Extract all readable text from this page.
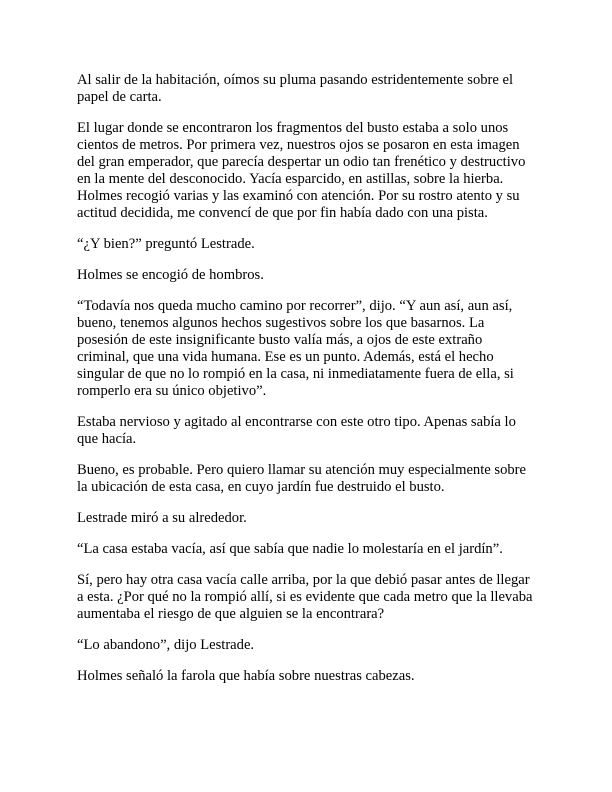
Al salir de la habitación, oímos su pluma pasando estridentemente sobre el papel de carta.

El lugar donde se encontraron los fragmentos del busto estaba a solo unos cientos de metros. Por primera vez, nuestros ojos se posaron en esta imagen del gran emperador, que parecía despertar un odio tan frenético y destructivo en la mente del desconocido. Yacía esparcido, en astillas, sobre la hierba. Holmes recogió varias y las examinó con atención. Por su rostro atento y su actitud decidida, me convencí de que por fin había dado con una pista.

“¿Y bien?” preguntó Lestrade.

Holmes se encogió de hombros.

“Todavía nos queda mucho camino por recorrer”, dijo. “Y aun así, aun así, bueno, tenemos algunos hechos sugestivos sobre los que basarnos. La posesión de este insignificante busto valía más, a ojos de este extraño criminal, que una vida humana. Ese es un punto. Además, está el hecho singular de que no lo rompió en la casa, ni inmediatamente fuera de ella, si romperlo era su único objetivo”.

Estaba nervioso y agitado al encontrarse con este otro tipo. Apenas sabía lo que hacía.

Bueno, es probable. Pero quiero llamar su atención muy especialmente sobre la ubicación de esta casa, en cuyo jardín fue destruido el busto.

Lestrade miró a su alrededor.

“La casa estaba vacía, así que sabía que nadie lo molestaría en el jardín”.

Sí, pero hay otra casa vacía calle arriba, por la que debió pasar antes de llegar a esta. ¿Por qué no la rompió allí, si es evidente que cada metro que la llevaba aumentaba el riesgo de que alguien se la encontrara?

“Lo abandono”, dijo Lestrade.

Holmes señaló la farola que había sobre nuestras cabezas.
